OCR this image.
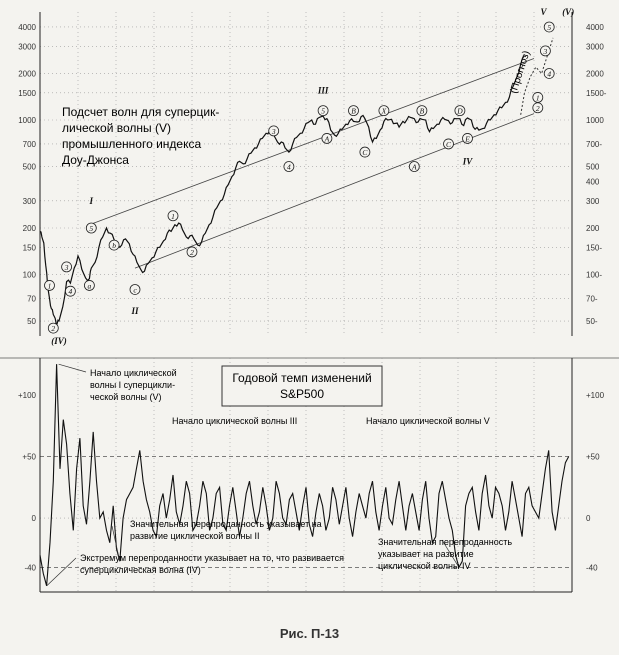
4000
3000
2000
1500
1000
700
500
300
200
150
100
70
50
4000
3000
2000
1500-
1000
700-
500
400
300
200
150-
100-
70-
50-
1
2
(IV)
3
4
a
5
I
b
c
II
1
2
3
4
5
III
A
B
C
X
A
B
C
D
E
IV
1
2
3
4
5
V (V)
+100	+100
+50	+50
0	0
-40	-40
Подсчет волн для суперцик-
лической волны (V)
промышленного индекса
Доу-Джонса
Годовой темп изменений
S&P500
Начало циклической
волны I суперцикли-
ческой волны (V)
Начало циклической волны III	Начало циклической волны V
Значительная перепроданность указывает на
развитие циклической волны II
Экстремум перепроданности указывает на то, что развивается
суперциклическая волна (IV)
Значительная перепроданность
указывает на развитие
циклической волны IV
(Прогноз)
Рис. П-13
